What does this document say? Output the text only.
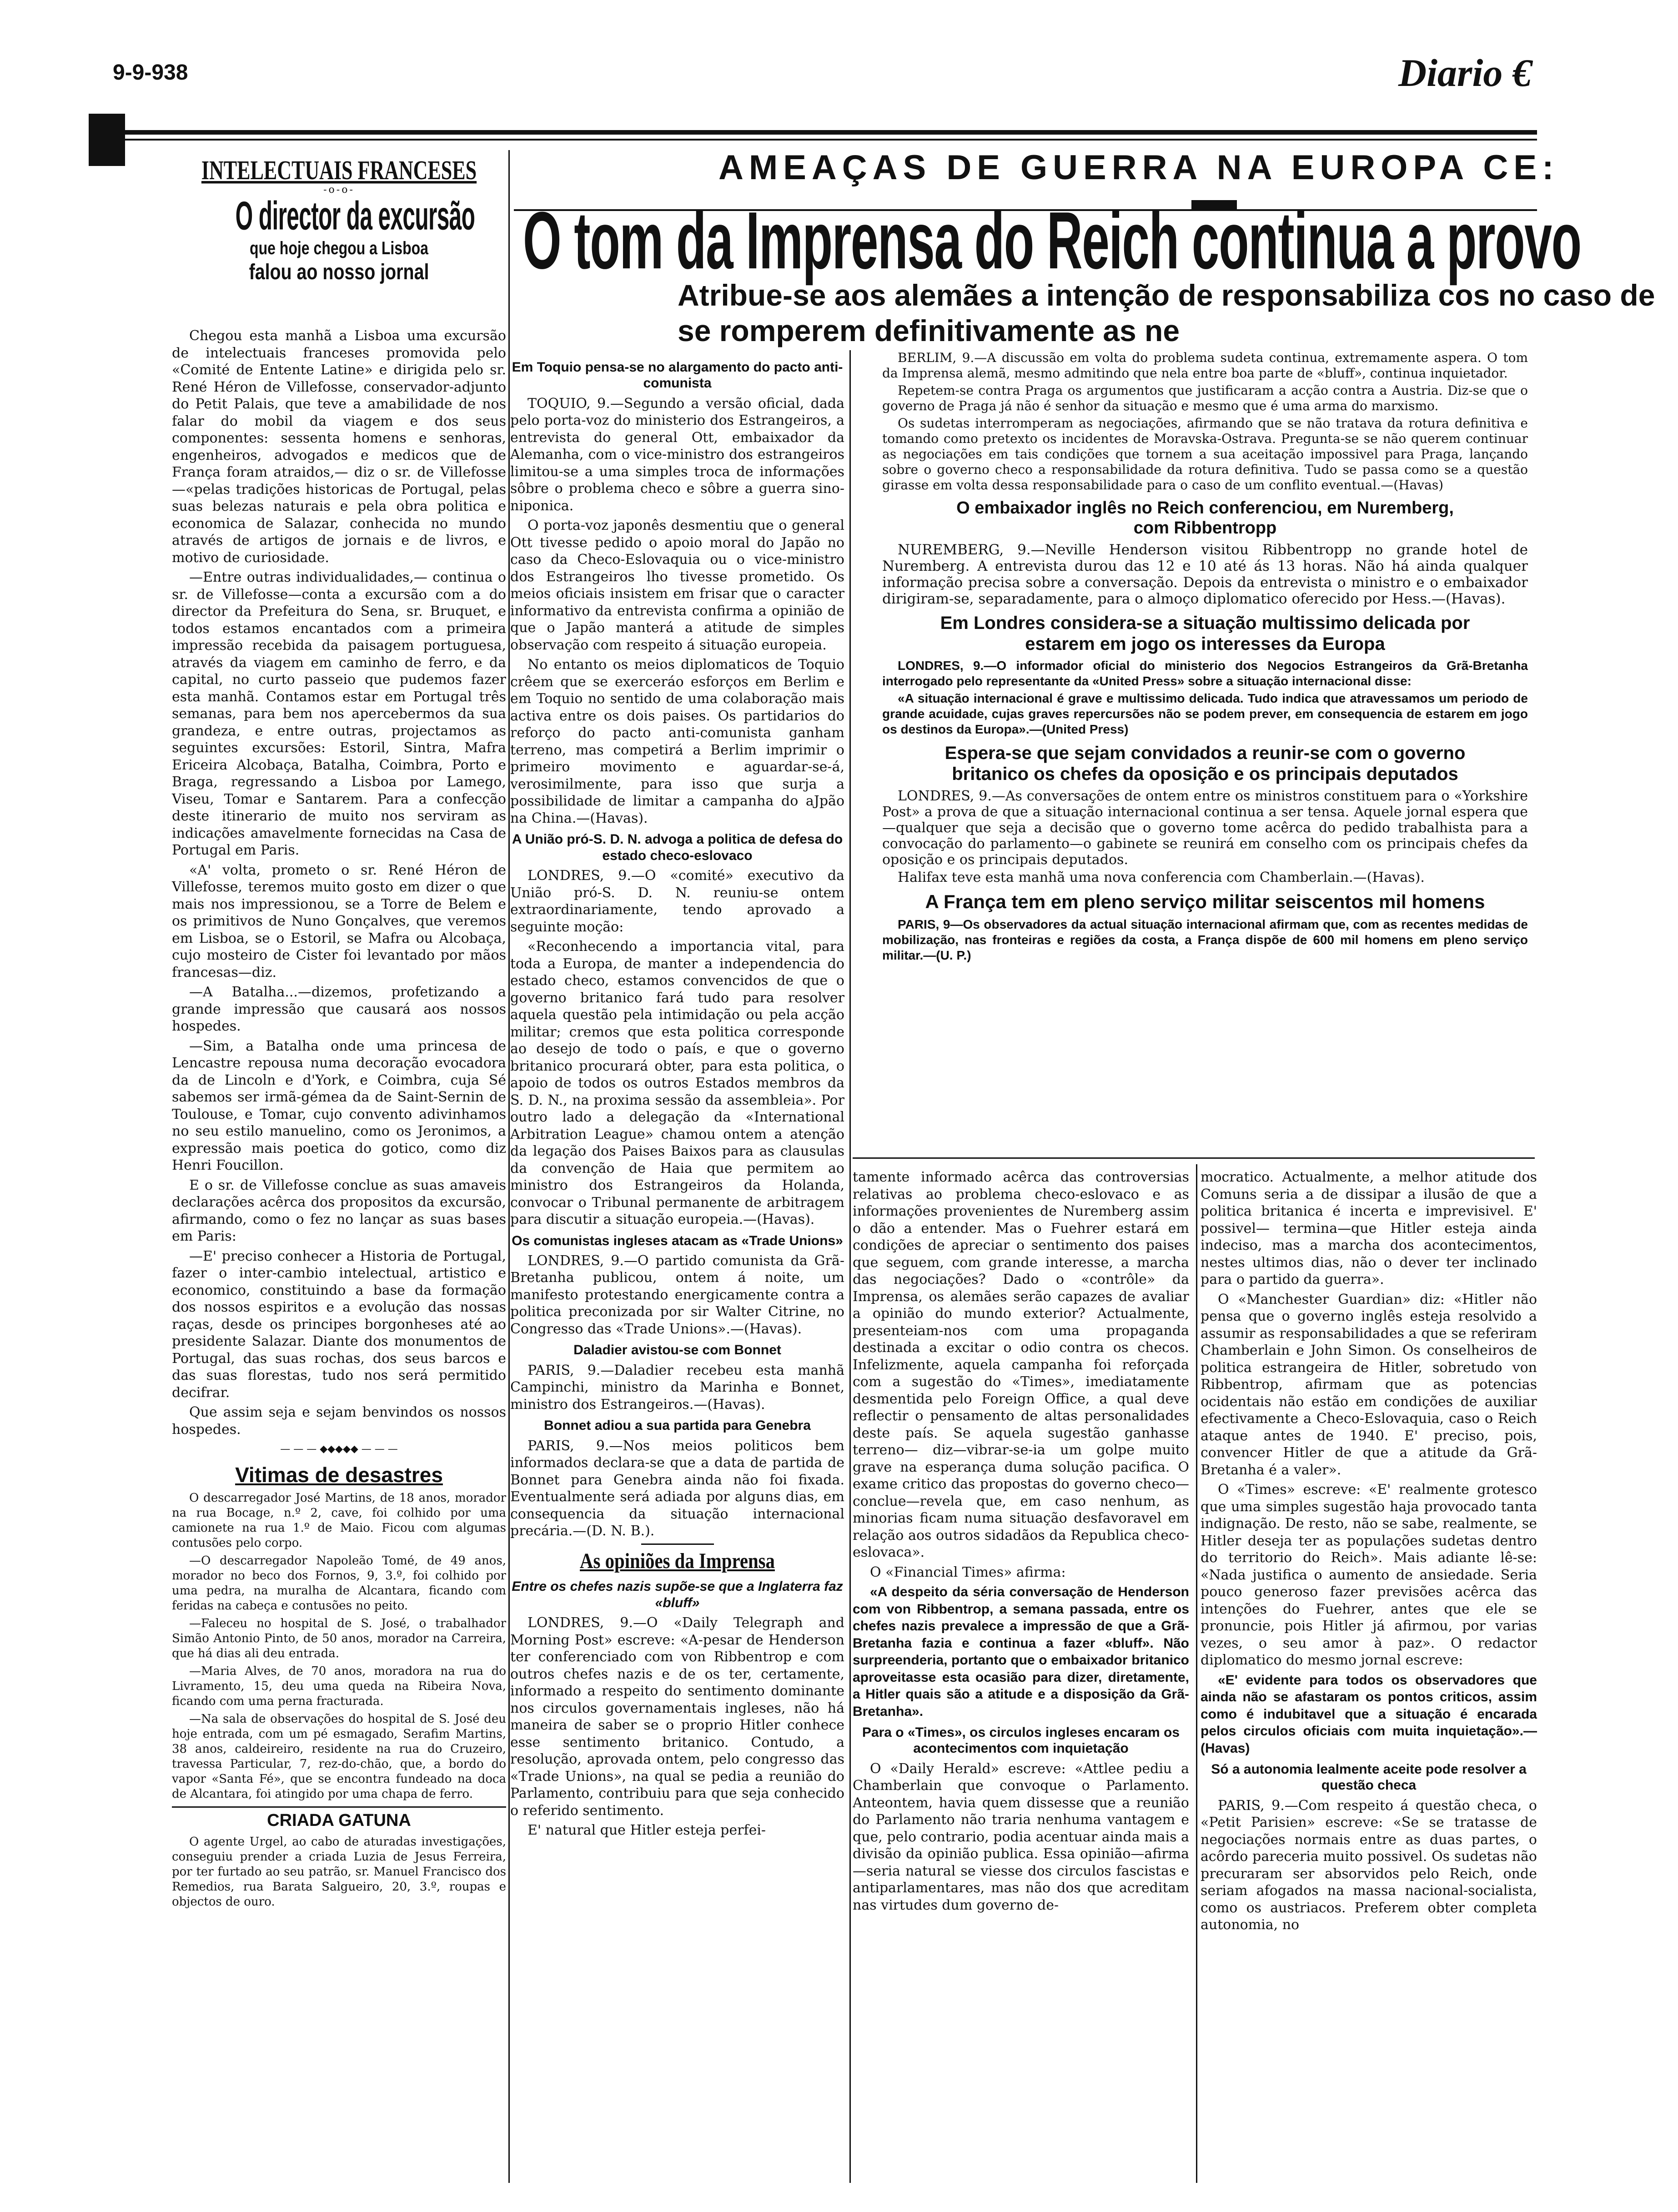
9-9-938	Diario €
INTELECTUAIS FRANCESES
-o-o-
O director da excursão
que hoje chegou a Lisboa
falou ao nosso jornal

Chegou esta manhã a Lisboa uma excursão de intelectuais franceses promovida pelo «Comité de Entente Latine» e dirigida pelo sr. René Héron de Villefosse, conservador-adjunto do Petit Palais, que teve a amabilidade de nos falar do mobil da viagem e dos seus componentes: sessenta homens e senhoras, engenheiros, advogados e medicos que de França foram atraidos,— diz o sr. de Villefosse—«pelas tradições historicas de Portugal, pelas suas belezas naturais e pela obra politica e economica de Salazar, conhecida no mundo através de artigos de jornais e de livros, e motivo de curiosidade.

—Entre outras individualidades,— continua o sr. de Villefosse—conta a excursão com a do director da Prefeitura do Sena, sr. Bruquet, e todos estamos encantados com a primeira impressão recebida da paisagem portuguesa, através da viagem em caminho de ferro, e da capital, no curto passeio que pudemos fazer esta manhã. Contamos estar em Portugal três semanas, para bem nos apercebermos da sua grandeza, e entre outras, projectamos as seguintes excursões: Estoril, Sintra, Mafra Ericeira Alcobaça, Batalha, Coimbra, Porto e Braga, regressando a Lisboa por Lamego, Viseu, Tomar e Santarem. Para a confecção deste itinerario de muito nos serviram as indicações amavelmente fornecidas na Casa de Portugal em Paris.

«A' volta, prometo o sr. René Héron de Villefosse, teremos muito gosto em dizer o que mais nos impressionou, se a Torre de Belem e os primitivos de Nuno Gonçalves, que veremos em Lisboa, se o Estoril, se Mafra ou Alcobaça, cujo mosteiro de Cister foi levantado por mãos francesas—diz.

—A Batalha...—dizemos, profetizando a grande impressão que causará aos nossos hospedes.

—Sim, a Batalha onde uma princesa de Lencastre repousa numa decoração evocadora da de Lincoln e d'York, e Coimbra, cuja Sé sabemos ser irmã-gémea da de Saint-Sernin de Toulouse, e Tomar, cujo convento adivinhamos no seu estilo manuelino, como os Jeronimos, a expressão mais poetica do gotico, como diz Henri Foucillon.

E o sr. de Villefosse conclue as suas amaveis declarações acêrca dos propositos da excursão, afirmando, como o fez no lançar as suas bases em Paris:

—E' preciso conhecer a Historia de Portugal, fazer o inter-cambio intelectual, artistico e economico, constituindo a base da formação dos nossos espiritos e a evolução das nossas raças, desde os principes borgonheses até ao presidente Salazar. Diante dos monumentos de Portugal, das suas rochas, dos seus barcos e das suas florestas, tudo nos será permitido decifrar.

Que assim seja e sejam benvindos os nossos hospedes.

— — — ◆◆◆◆◆ — — —
Vitimas de desastres

O descarregador José Martins, de 18 anos, morador na rua Bocage, n.º 2, cave, foi colhido por uma camionete na rua 1.º de Maio. Ficou com algumas contusões pelo corpo.

—O descarregador Napoleão Tomé, de 49 anos, morador no beco dos Fornos, 9, 3.º, foi colhido por uma pedra, na muralha de Alcantara, ficando com feridas na cabeça e contusões no peito.

—Faleceu no hospital de S. José, o trabalhador Simão Antonio Pinto, de 50 anos, morador na Carreira, que há dias ali deu entrada.

—Maria Alves, de 70 anos, moradora na rua do Livramento, 15, deu uma queda na Ribeira Nova, ficando com uma perna fracturada.

—Na sala de observações do hospital de S. José deu hoje entrada, com um pé esmagado, Serafim Martins, 38 anos, caldeireiro, residente na rua do Cruzeiro, travessa Particular, 7, rez-do-chão, que, a bordo do vapor «Santa Fé», que se encontra fundeado na doca de Alcantara, foi atingido por uma chapa de ferro.

CRIADA GATUNA

O agente Urgel, ao cabo de aturadas investigações, conseguiu prender a criada Luzia de Jesus Ferreira, por ter furtado ao seu patrão, sr. Manuel Francisco dos Remedios, rua Barata Salgueiro, 20, 3.º, roupas e objectos de ouro.

AMEAÇAS DE GUERRA NA EUROPA CE:
O tom da Imprensa do Reich continua a provo
Atribue-se aos alemães a intenção de responsabiliza cos no caso de se romperem definitivamente as ne
Em Toquio pensa-se no alargamento do pacto anti-comunista

TOQUIO, 9.—Segundo a versão oficial, dada pelo porta-voz do ministerio dos Estrangeiros, a entrevista do general Ott, embaixador da Alemanha, com o vice-ministro dos estrangeiros limitou-se a uma simples troca de informações sôbre o problema checo e sôbre a guerra sino-niponica.

O porta-voz japonês desmentiu que o general Ott tivesse pedido o apoio moral do Japão no caso da Checo-Eslovaquia ou o vice-ministro dos Estrangeiros lho tivesse prometido. Os meios oficiais insistem em frisar que o caracter informativo da entrevista confirma a opinião de que o Japão manterá a atitude de simples observação com respeito á situação europeia.

No entanto os meios diplomaticos de Toquio crêem que se exerceráo esforços em Berlim e em Toquio no sentido de uma colaboração mais activa entre os dois paises. Os partidarios do reforço do pacto anti-comunista ganham terreno, mas competirá a Berlim imprimir o primeiro movimento e aguardar-se-á, verosimilmente, para isso que surja a possibilidade de limitar a campanha do aJpão na China.—(Havas).

A União pró-S. D. N. advoga a politica de defesa do estado checo-eslovaco

LONDRES, 9.—O «comité» executivo da União pró-S. D. N. reuniu-se ontem extraordinariamente, tendo aprovado a seguinte moção:

«Reconhecendo a importancia vital, para toda a Europa, de manter a independencia do estado checo, estamos convencidos de que o governo britanico fará tudo para resolver aquela questão pela intimidação ou pela acção militar; cremos que esta politica corresponde ao desejo de todo o país, e que o governo britanico procurará obter, para esta politica, o apoio de todos os outros Estados membros da S. D. N., na proxima sessão da assembleia». Por outro lado a delegação da «International Arbitration League» chamou ontem a atenção da legação dos Paises Baixos para as clausulas da convenção de Haia que permitem ao ministro dos Estrangeiros da Holanda, convocar o Tribunal permanente de arbitragem para discutir a situação europeia.—(Havas).

Os comunistas ingleses atacam as «Trade Unions»

LONDRES, 9.—O partido comunista da Grã-Bretanha publicou, ontem á noite, um manifesto protestando energicamente contra a politica preconizada por sir Walter Citrine, no Congresso das «Trade Unions».—(Havas).

Daladier avistou-se com Bonnet

PARIS, 9.—Daladier recebeu esta manhã Campinchi, ministro da Marinha e Bonnet, ministro dos Estrangeiros.—(Havas).

Bonnet adiou a sua partida para Genebra

PARIS, 9.—Nos meios politicos bem informados declara-se que a data de partida de Bonnet para Genebra ainda não foi fixada. Eventualmente será adiada por alguns dias, em consequencia da situação internacional precária.—(D. N. B.).

As opiniões da Imprensa
Entre os chefes nazis supõe-se que a Inglaterra faz «bluff»

LONDRES, 9.—O «Daily Telegraph and Morning Post» escreve: «A-pesar de Henderson ter conferenciado com von Ribbentrop e com outros chefes nazis e de os ter, certamente, informado a respeito do sentimento dominante nos circulos governamentais ingleses, não há maneira de saber se o proprio Hitler conhece esse sentimento britanico. Contudo, a resolução, aprovada ontem, pelo congresso das «Trade Unions», na qual se pedia a reunião do Parlamento, contribuiu para que seja conhecido o referido sentimento.

E' natural que Hitler esteja perfei-

BERLIM, 9.—A discussão em volta do problema sudeta continua, extremamente aspera. O tom da Imprensa alemã, mesmo admitindo que nela entre boa parte de «bluff», continua inquietador.

Repetem-se contra Praga os argumentos que justificaram a acção contra a Austria. Diz-se que o governo de Praga já não é senhor da situação e mesmo que é uma arma do marxismo.

Os sudetas interromperam as negociações, afirmando que se não tratava da rotura definitiva e tomando como pretexto os incidentes de Moravska-Ostrava. Pregunta-se se não querem continuar as negociações em tais condições que tornem a sua aceitação impossivel para Praga, lançando sobre o governo checo a responsabilidade da rotura definitiva. Tudo se passa como se a questão girasse em volta dessa responsabilidade para o caso de um conflito eventual.—(Havas)

O embaixador inglês no Reich conferenciou, em Nuremberg, com Ribbentropp

NUREMBERG, 9.—Neville Henderson visitou Ribbentropp no grande hotel de Nuremberg. A entrevista durou das 12 e 10 até ás 13 horas. Não há ainda qualquer informação precisa sobre a conversação. Depois da entrevista o ministro e o embaixador dirigiram-se, separadamente, para o almoço diplomatico oferecido por Hess.—(Havas).

Em Londres considera-se a situação multissimo delicada por estarem em jogo os interesses da Europa

LONDRES, 9.—O informador oficial do ministerio dos Negocios Estrangeiros da Grã-Bretanha interrogado pelo representante da «United Press» sobre a situação internacional disse:

«A situação internacional é grave e multissimo delicada. Tudo indica que atravessamos um periodo de grande acuidade, cujas graves repercursões não se podem prever, em consequencia de estarem em jogo os destinos da Europa».—(United Press)

Espera-se que sejam convidados a reunir-se com o governo britanico os chefes da oposição e os principais deputados

LONDRES, 9.—As conversações de ontem entre os ministros constituem para o «Yorkshire Post» a prova de que a situação internacional continua a ser tensa. Aquele jornal espera que —qualquer que seja a decisão que o governo tome acêrca do pedido trabalhista para a convocação do parlamento—o gabinete se reunirá em conselho com os principais chefes da oposição e os principais deputados.

Halifax teve esta manhã uma nova conferencia com Chamberlain.—(Havas).

A França tem em pleno serviço militar seiscentos mil homens

PARIS, 9—Os observadores da actual situação internacional afirmam que, com as recentes medidas de mobilização, nas fronteiras e regiões da costa, a França dispõe de 600 mil homens em pleno serviço militar.—(U. P.)

tamente informado acêrca das controversias relativas ao problema checo-eslovaco e as informações provenientes de Nuremberg assim o dão a entender. Mas o Fuehrer estará em condições de apreciar o sentimento dos paises que seguem, com grande interesse, a marcha das negociações? Dado o «contrôle» da Imprensa, os alemães serão capazes de avaliar a opinião do mundo exterior? Actualmente, presenteiam-nos com uma propaganda destinada a excitar o odio contra os checos. Infelizmente, aquela campanha foi reforçada com a sugestão do «Times», imediatamente desmentida pelo Foreign Office, a qual deve reflectir o pensamento de altas personalidades deste país. Se aquela sugestão ganhasse terreno— diz—vibrar-se-ia um golpe muito grave na esperança duma solução pacifica. O exame critico das propostas do governo checo—conclue—revela que, em caso nenhum, as minorias ficam numa situação desfavoravel em relação aos outros sidadãos da Republica checo-eslovaca».

O «Financial Times» afirma:

«A despeito da séria conversação de Henderson com von Ribbentrop, a semana passada, entre os chefes nazis prevalece a impressão de que a Grã-Bretanha fazia e continua a fazer «bluff». Não surpreenderia, portanto que o embaixador britanico aproveitasse esta ocasião para dizer, diretamente, a Hitler quais são a atitude e a disposição da Grã-Bretanha».

Para o «Times», os circulos ingleses encaram os acontecimentos com inquietação

O «Daily Herald» escreve: «Attlee pediu a Chamberlain que convoque o Parlamento. Anteontem, havia quem dissesse que a reunião do Parlamento não traria nenhuma vantagem e que, pelo contrario, podia acentuar ainda mais a divisão da opinião publica. Essa opinião—afirma—seria natural se viesse dos circulos fascistas e antiparlamentares, mas não dos que acreditam nas virtudes dum governo de-

mocratico. Actualmente, a melhor atitude dos Comuns seria a de dissipar a ilusão de que a politica britanica é incerta e imprevisivel. E' possivel— termina—que Hitler esteja ainda indeciso, mas a marcha dos acontecimentos, nestes ultimos dias, não o dever ter inclinado para o partido da guerra».

O «Manchester Guardian» diz: «Hitler não pensa que o governo inglês esteja resolvido a assumir as responsabilidades a que se referiram Chamberlain e John Simon. Os conselheiros de politica estrangeira de Hitler, sobretudo von Ribbentrop, afirmam que as potencias ocidentais não estão em condições de auxiliar efectivamente a Checo-Eslovaquia, caso o Reich ataque antes de 1940. E' preciso, pois, convencer Hitler de que a atitude da Grã-Bretanha é a valer».

O «Times» escreve: «E' realmente grotesco que uma simples sugestão haja provocado tanta indignação. De resto, não se sabe, realmente, se Hitler deseja ter as populações sudetas dentro do territorio do Reich». Mais adiante lê-se: «Nada justifica o aumento de ansiedade. Seria pouco generoso fazer previsões acêrca das intenções do Fuehrer, antes que ele se pronuncie, pois Hitler já afirmou, por varias vezes, o seu amor à paz». O redactor diplomatico do mesmo jornal escreve:

«E' evidente para todos os observadores que ainda não se afastaram os pontos criticos, assim como é indubitavel que a situação é encarada pelos circulos oficiais com muita inquietação».—(Havas)

Só a autonomia lealmente aceite pode resolver a questão checa

PARIS, 9.—Com respeito á questão checa, o «Petit Parisien» escreve: «Se se tratasse de negociações normais entre as duas partes, o acôrdo pareceria muito possivel. Os sudetas não precuraram ser absorvidos pelo Reich, onde seriam afogados na massa nacional-socialista, como os austriacos. Preferem obter completa autonomia, no
